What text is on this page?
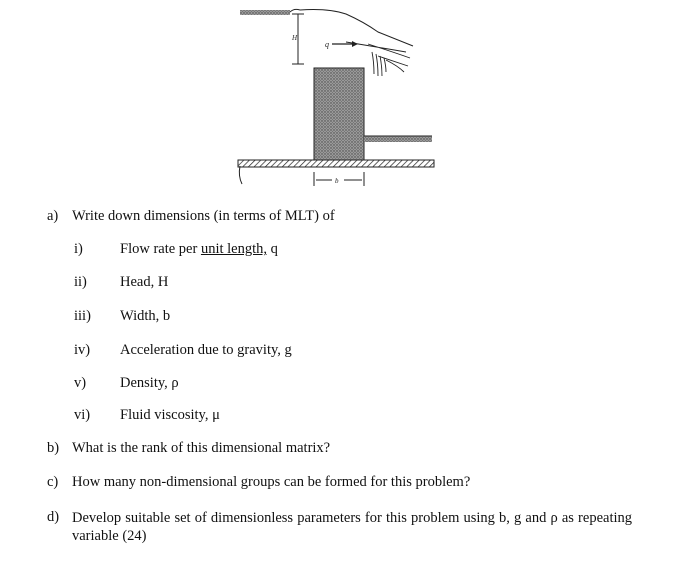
H
q
b
a) Write down dimensions (in terms of MLT) of
i)	Flow rate per unit length, q
ii) Head, H
iii) Width, b
iv) Acceleration due to gravity, g
v) Density, ρ
vi) Fluid viscosity, μ
b) What is the rank of this dimensional matrix?
c) How many non-dimensional groups can be formed for this problem?
d) Develop suitable set of dimensionless parameters for this problem using b, g and ρ as repeating variable (24)
